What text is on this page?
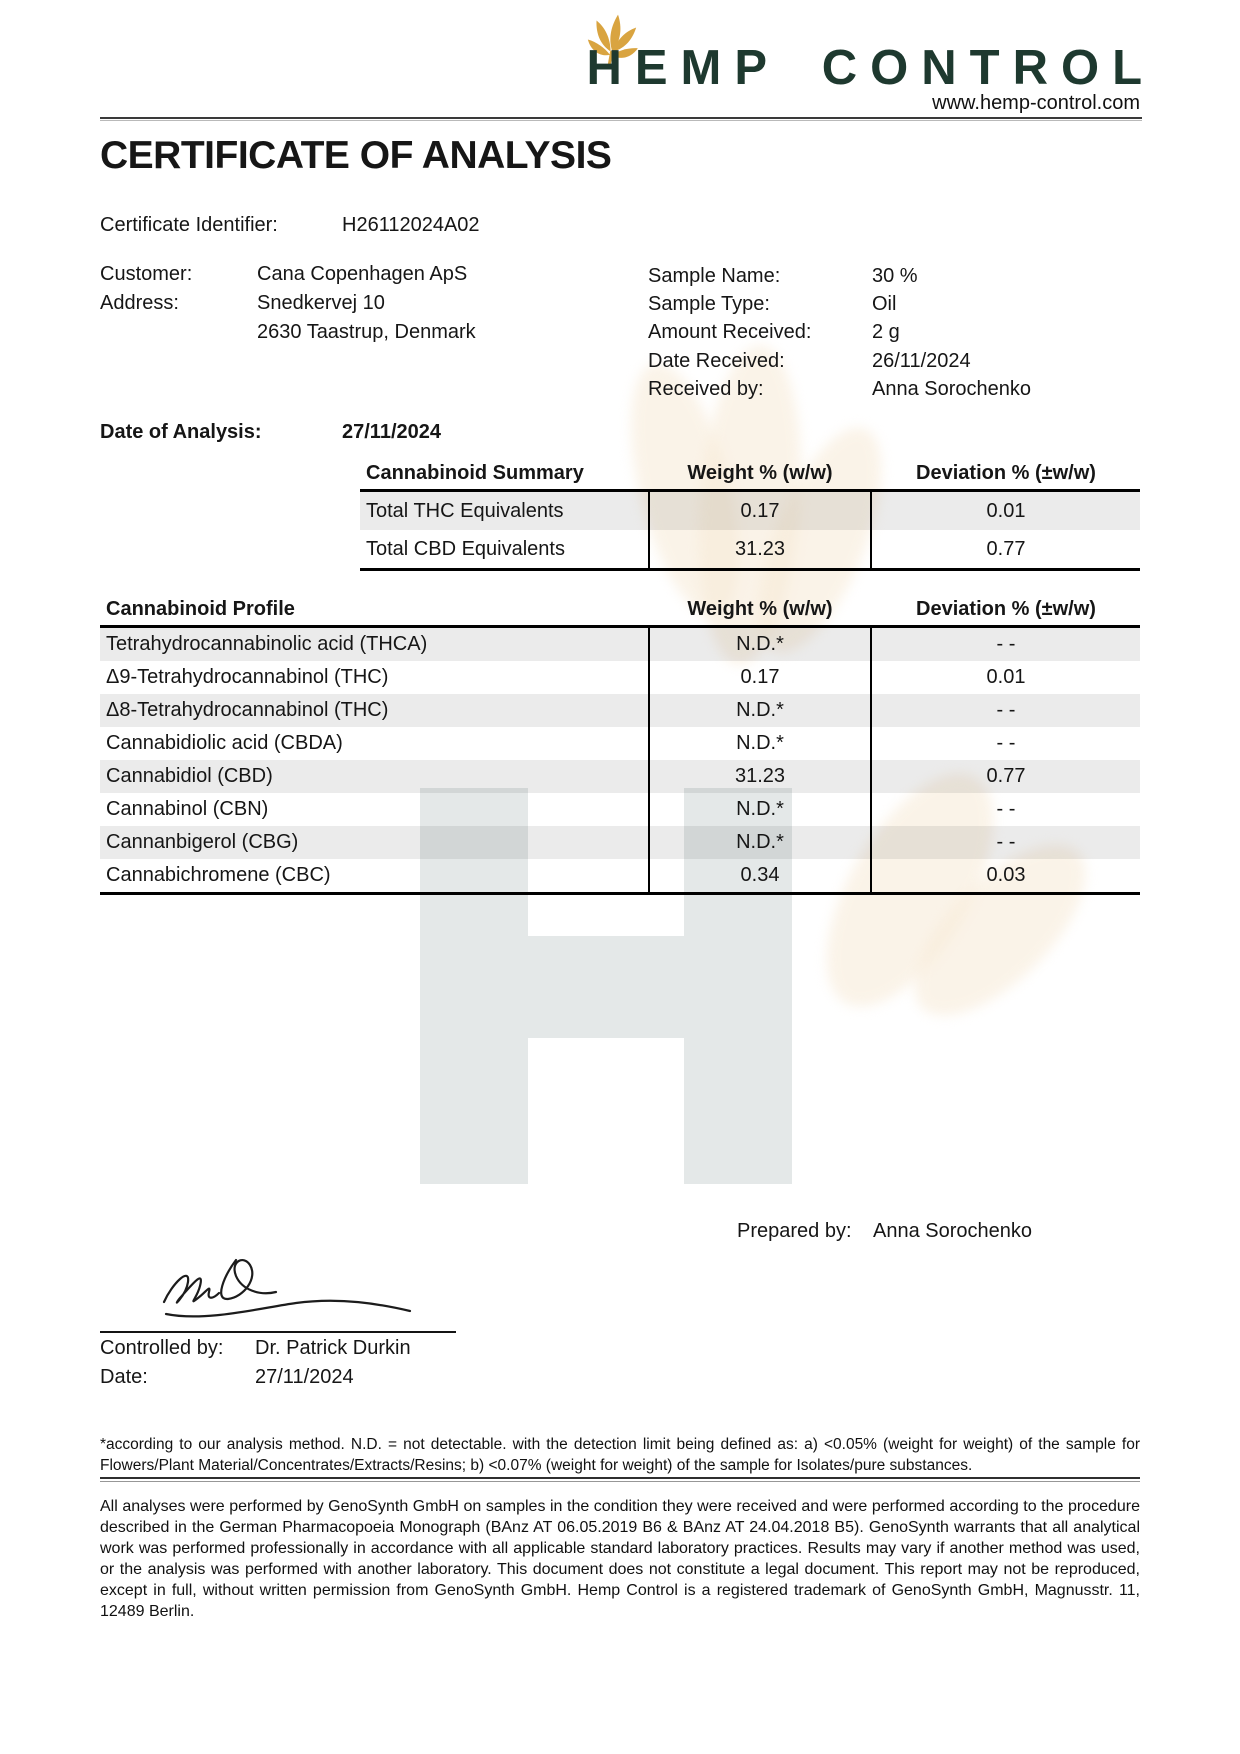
HEMP CONTROL
www.hemp-control.com
CERTIFICATE OF ANALYSIS
Certificate Identifier:	H26112024A02
Customer:	Cana Copenhagen ApS
Address:	Snedkervej 10
2630 Taastrup, Denmark
Sample Name:	30 %
Sample Type:	Oil
Amount Received:	2 g
Date Received:	26/11/2024
Received by:	Anna Sorochenko
Date of Analysis:	27/11/2024
Cannabinoid Summary	Weight % (w/w)	Deviation % (±w/w)
Total THC Equivalents	0.17	0.01
Total CBD Equivalents	31.23	0.77
Cannabinoid Profile	Weight % (w/w)	Deviation % (±w/w)
Tetrahydrocannabinolic acid (THCA)	N.D.*	- -
Δ9-Tetrahydrocannabinol (THC)	0.17	0.01
Δ8-Tetrahydrocannabinol (THC)	N.D.*	- -
Cannabidiolic acid (CBDA)	N.D.*	- -
Cannabidiol (CBD)	31.23	0.77
Cannabinol (CBN)	N.D.*	- -
Cannanbigerol (CBG)	N.D.*	- -
Cannabichromene (CBC)	0.34	0.03
Prepared by: Anna Sorochenko
Controlled by: Dr. Patrick Durkin
Date:	27/11/2024
*according to our analysis method. N.D. = not detectable. with the detection limit being defined as: a) <0.05% (weight for weight) of the sample for Flowers/Plant Material/Concentrates/Extracts/Resins; b) <0.07% (weight for weight) of the sample for Isolates/pure substances.
All analyses were performed by GenoSynth GmbH on samples in the condition they were received and were performed according to the procedure described in the German Pharmacopoeia Monograph (BAnz AT 06.05.2019 B6 & BAnz AT 24.04.2018 B5). GenoSynth warrants that all analytical work was performed professionally in accordance with all applicable standard laboratory practices. Results may vary if another method was used, or the analysis was performed with another laboratory. This document does not constitute a legal document. This report may not be reproduced, except in full, without written permission from GenoSynth GmbH. Hemp Control is a registered trademark of GenoSynth GmbH, Magnusstr. 11, 12489 Berlin.
